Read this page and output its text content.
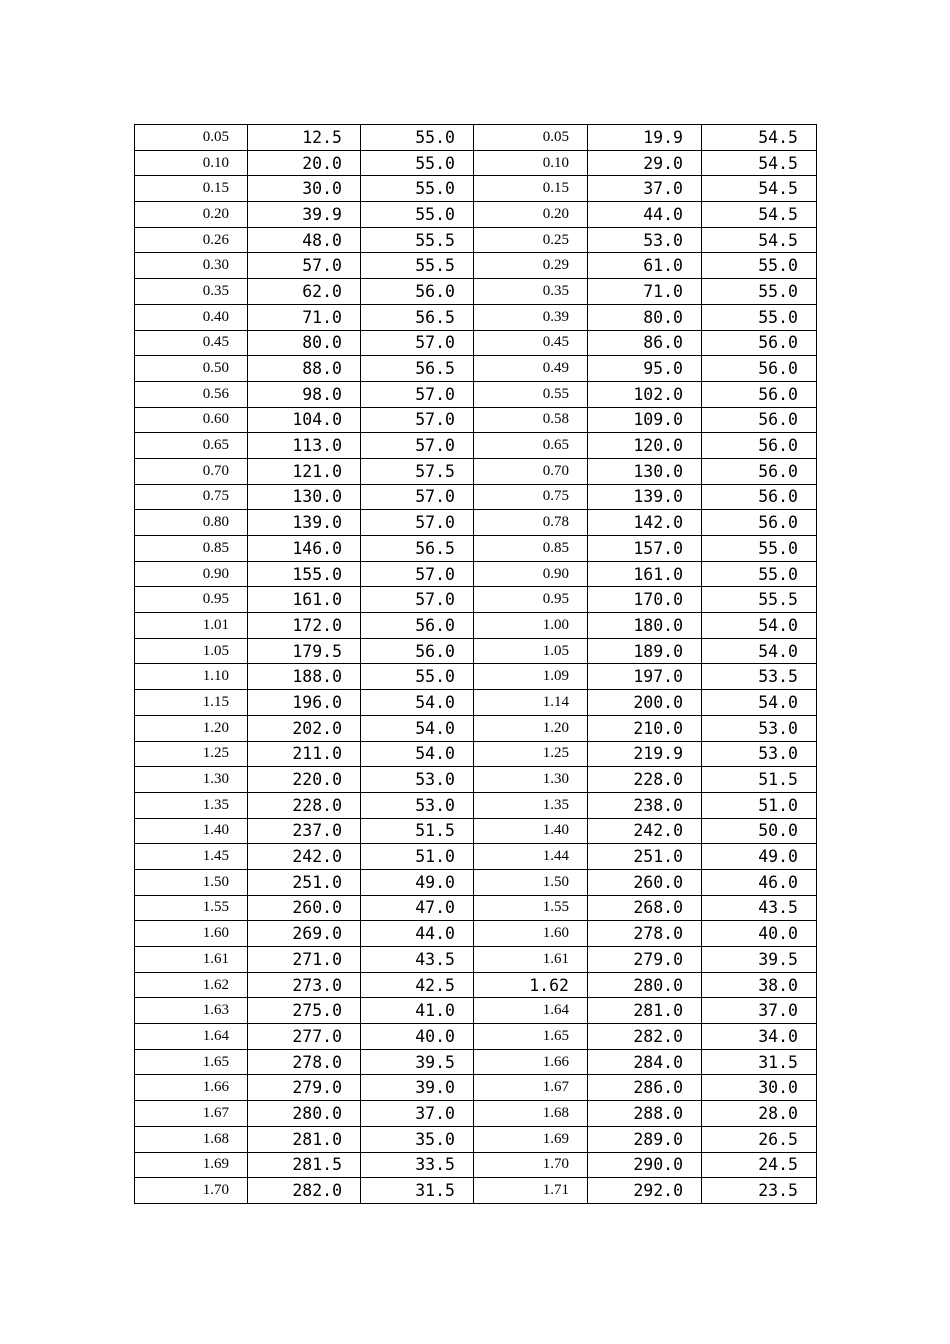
0.05	12.5	55.0	0.05	19.9	54.5
0.10	20.0	55.0	0.10	29.0	54.5
0.15	30.0	55.0	0.15	37.0	54.5
0.20	39.9	55.0	0.20	44.0	54.5
0.26	48.0	55.5	0.25	53.0	54.5
0.30	57.0	55.5	0.29	61.0	55.0
0.35	62.0	56.0	0.35	71.0	55.0
0.40	71.0	56.5	0.39	80.0	55.0
0.45	80.0	57.0	0.45	86.0	56.0
0.50	88.0	56.5	0.49	95.0	56.0
0.56	98.0	57.0	0.55	102.0	56.0
0.60	104.0	57.0	0.58	109.0	56.0
0.65	113.0	57.0	0.65	120.0	56.0
0.70	121.0	57.5	0.70	130.0	56.0
0.75	130.0	57.0	0.75	139.0	56.0
0.80	139.0	57.0	0.78	142.0	56.0
0.85	146.0	56.5	0.85	157.0	55.0
0.90	155.0	57.0	0.90	161.0	55.0
0.95	161.0	57.0	0.95	170.0	55.5
1.01	172.0	56.0	1.00	180.0	54.0
1.05	179.5	56.0	1.05	189.0	54.0
1.10	188.0	55.0	1.09	197.0	53.5
1.15	196.0	54.0	1.14	200.0	54.0
1.20	202.0	54.0	1.20	210.0	53.0
1.25	211.0	54.0	1.25	219.9	53.0
1.30	220.0	53.0	1.30	228.0	51.5
1.35	228.0	53.0	1.35	238.0	51.0
1.40	237.0	51.5	1.40	242.0	50.0
1.45	242.0	51.0	1.44	251.0	49.0
1.50	251.0	49.0	1.50	260.0	46.0
1.55	260.0	47.0	1.55	268.0	43.5
1.60	269.0	44.0	1.60	278.0	40.0
1.61	271.0	43.5	1.61	279.0	39.5
1.62	273.0	42.5	1.62	280.0	38.0
1.63	275.0	41.0	1.64	281.0	37.0
1.64	277.0	40.0	1.65	282.0	34.0
1.65	278.0	39.5	1.66	284.0	31.5
1.66	279.0	39.0	1.67	286.0	30.0
1.67	280.0	37.0	1.68	288.0	28.0
1.68	281.0	35.0	1.69	289.0	26.5
1.69	281.5	33.5	1.70	290.0	24.5
1.70	282.0	31.5	1.71	292.0	23.5
